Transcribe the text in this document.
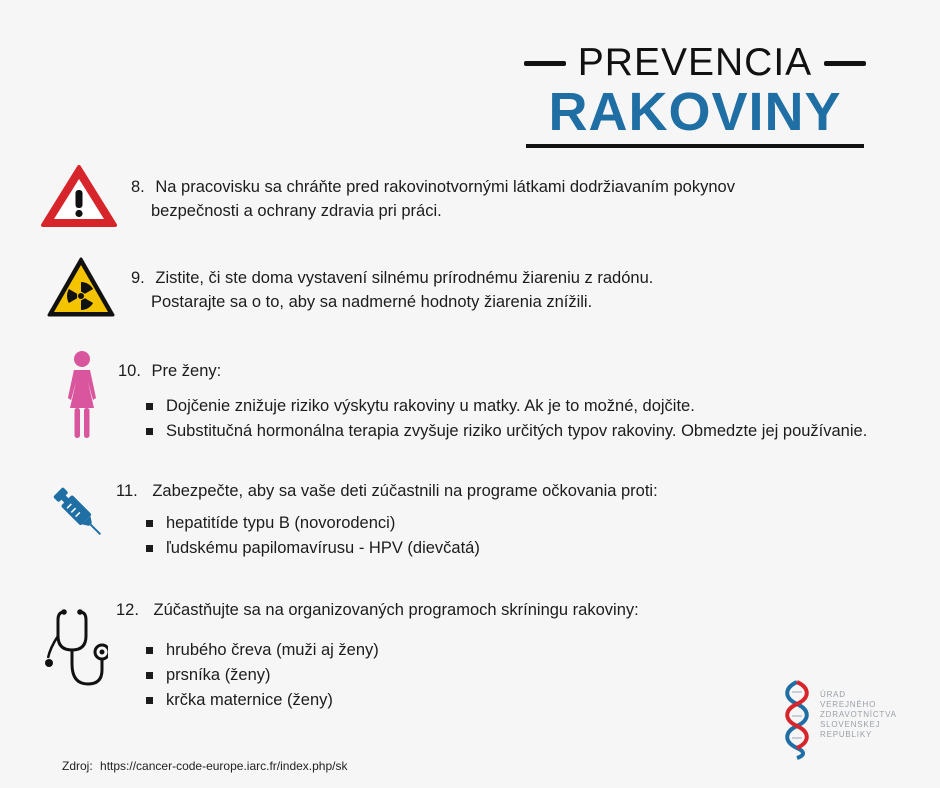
PREVENCIA
RAKOVINY
8. Na pracovisku sa chráňte pred rakovinotvornými látkami dodržiavaním pokynov
bezpečnosti a ochrany zdravia pri práci.
9. Zistite, či ste doma vystavení silnému prírodnému žiareniu z radónu.
Postarajte sa o to, aby sa nadmerné hodnoty žiarenia znížili.
10. Pre ženy:
Dojčenie znižuje riziko výskytu rakoviny u matky. Ak je to možné, dojčite.
Substitučná hormonálna terapia zvyšuje riziko určitých typov rakoviny. Obmedzte jej používanie.
11. Zabezpečte, aby sa vaše deti zúčastnili na programe očkovania proti:
hepatitíde typu B (novorodenci)
ľudskému papilomavírusu - HPV (dievčatá)
12. Zúčastňujte sa na organizovaných programoch skríningu rakoviny:
hrubého čreva (muži aj ženy)
prsníka (ženy)
krčka maternice (ženy)
Zdroj: https://cancer-code-europe.iarc.fr/index.php/sk
ÚRAD
VEREJNÉHO
ZDRAVOTNÍCTVA
SLOVENSKEJ
REPUBLIKY
